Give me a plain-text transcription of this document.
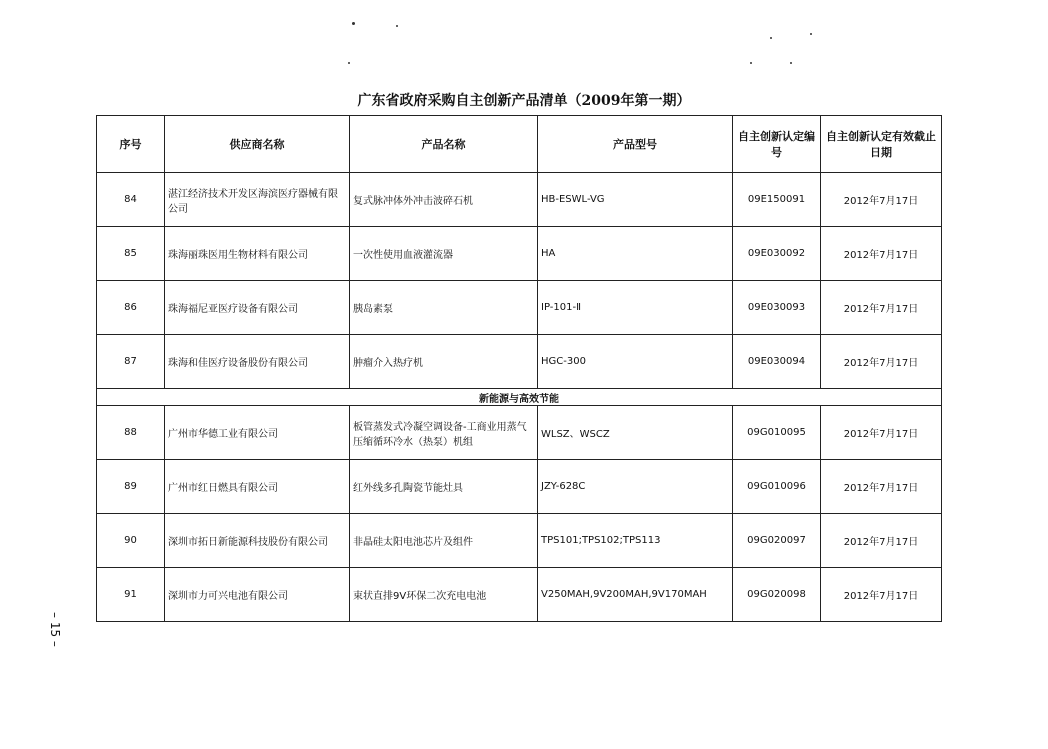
广东省政府采购自主创新产品清单（2009年第一期）
序号	供应商名称	产品名称	产品型号	自主创新认定编号	自主创新认定有效截止日期
84	湛江经济技术开发区海滨医疗器械有限公司	复式脉冲体外冲击波碎石机	HB-ESWL-VG	09E150091	2012年7月17日
85	珠海丽珠医用生物材料有限公司	一次性使用血液灌流器	HA	09E030092	2012年7月17日
86	珠海福尼亚医疗设备有限公司	胰岛素泵	IP-101-Ⅱ	09E030093	2012年7月17日
87	珠海和佳医疗设备股份有限公司	肿瘤介入热疗机	HGC-300	09E030094	2012年7月17日
新能源与高效节能					
88	广州市华德工业有限公司	板管蒸发式冷凝空调设备-工商业用蒸气压缩循环冷水（热泵）机组	WLSZ、WSCZ	09G010095	2012年7月17日
89	广州市红日燃具有限公司	红外线多孔陶瓷节能灶具	JZY-628C	09G010096	2012年7月17日
90	深圳市拓日新能源科技股份有限公司	非晶硅太阳电池芯片及组件	TPS101;TPS102;TPS113	09G020097	2012年7月17日
91	深圳市力可兴电池有限公司	束状直排9V环保二次充电电池	V250MAH,9V200MAH,9V170MAH	09G020098	2012年7月17日
– 15 –
